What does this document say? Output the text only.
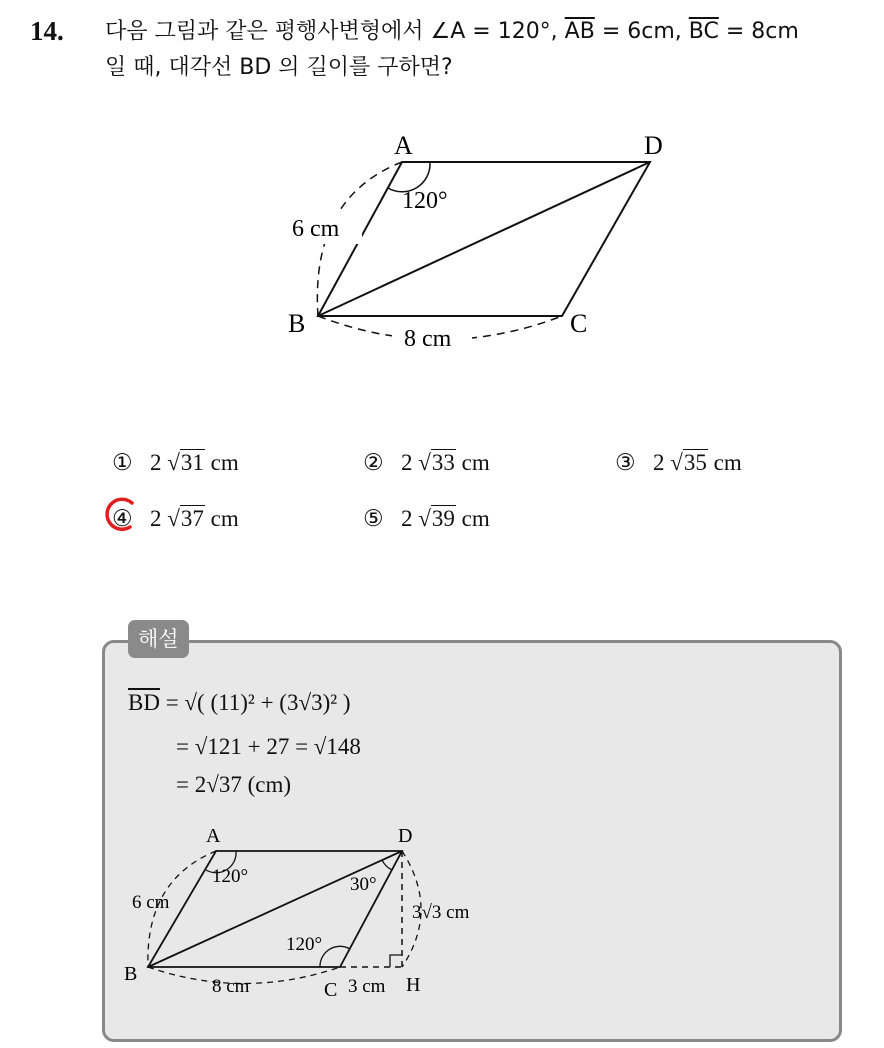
14. 다음 그림과 같은 평행사변형에서 ∠A = 120°, $\overline{AB} = 6cm$, $\overline{BC} = 8cm$
일 때, 대각선 BD 의 길이를 구하면?
A	D
B	C
120°
6 cm
8 cm
① 2 √31 cm	② 2 √33 cm	③ 2 √35 cm
④ 2 √37 cm	⑤ 2 √39 cm
해설
$\overline{BD}$ = √( (11)² + (3√3)² )
= √121 + 27 = √148
= 2√37 (cm)
A	D
B
C	H
120°
120°
30°
6 cm
8 cm	3 cm
3√3 cm
